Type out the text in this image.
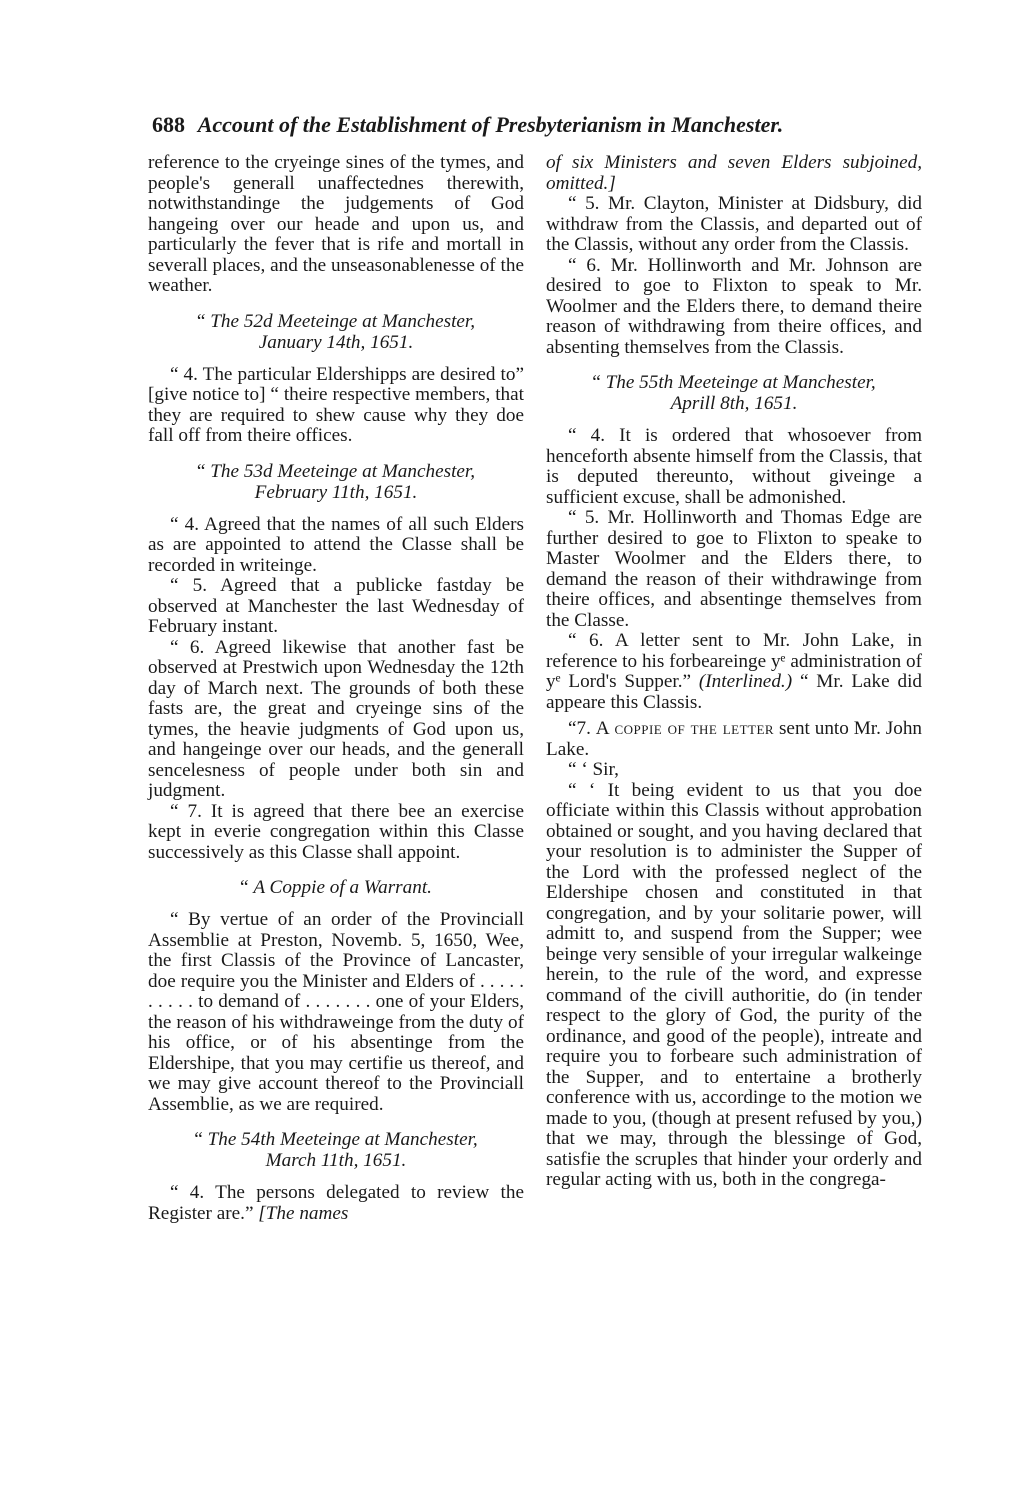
688 Account of the Establishment of Presbyterianism in Manchester.

reference to the cryeinge sines of the tymes, and people's generall unaffectednes therewith, notwithstandinge the judgements of God hangeing over our heade and upon us, and particularly the fever that is rife and mortall in severall places, and the unseasonablenesse of the weather.

“ The 52d Meeteinge at Manchester,
January 14th, 1651.

“ 4. The particular Eldershipps are desired to” [give notice to] “ theire respective members, that they are required to shew cause why they doe fall off from theire offices.

“ The 53d Meeteinge at Manchester,
February 11th, 1651.

“ 4. Agreed that the names of all such Elders as are appointed to attend the Classe shall be recorded in writeinge.

“ 5. Agreed that a publicke fastday be observed at Manchester the last Wednesday of February instant.

“ 6. Agreed likewise that another fast be observed at Prestwich upon Wednesday the 12th day of March next. The grounds of both these fasts are, the great and cryeinge sins of the tymes, the heavie judgments of God upon us, and hangeinge over our heads, and the generall sencelesness of people under both sin and judgment.

“ 7. It is agreed that there bee an exercise kept in everie congregation within this Classe successively as this Classe shall appoint.

“ A Coppie of a Warrant.

“ By vertue of an order of the Provinciall Assemblie at Preston, Novemb. 5, 1650, Wee, the first Classis of the Province of Lancaster, doe require you the Minister and Elders of . . . . . . . . . . to demand of . . . . . . . one of your Elders, the reason of his withdraweinge from the duty of his office, or of his absentinge from the Eldershipe, that you may certifie us thereof, and we may give account thereof to the Provinciall Assemblie, as we are required.

“ The 54th Meeteinge at Manchester,
March 11th, 1651.

“ 4. The persons delegated to review the Register are.” [The names

of six Ministers and seven Elders subjoined, omitted.]

“ 5. Mr. Clayton, Minister at Didsbury, did withdraw from the Classis, and departed out of the Classis, without any order from the Classis.

“ 6. Mr. Hollinworth and Mr. Johnson are desired to goe to Flixton to speak to Mr. Woolmer and the Elders there, to demand theire reason of withdrawing from theire offices, and absenting themselves from the Classis.

“ The 55th Meeteinge at Manchester,
Aprill 8th, 1651.

“ 4. It is ordered that whosoever from henceforth absente himself from the Classis, that is deputed thereunto, without giveinge a sufficient excuse, shall be admonished.

“ 5. Mr. Hollinworth and Thomas Edge are further desired to goe to Flixton to speake to Master Woolmer and the Elders there, to demand the reason of their withdrawinge from theire offices, and absentinge themselves from the Classe.

“ 6. A letter sent to Mr. John Lake, in reference to his forbeareinge yᵉ administration of yᵉ Lord's Supper.” (Interlined.) “ Mr. Lake did appeare this Classis.

“7. A coppie of the letter sent unto Mr. John Lake.

“ ‘ Sir,

“ ‘ It being evident to us that you doe officiate within this Classis without approbation obtained or sought, and you having declared that your resolution is to administer the Supper of the Lord with the professed neglect of the Eldershipe chosen and constituted in that congregation, and by your solitarie power, will admitt to, and suspend from the Supper; wee beinge very sensible of your irregular walkeinge herein, to the rule of the word, and expresse command of the civill authoritie, do (in tender respect to the glory of God, the purity of the ordinance, and good of the people), intreate and require you to forbeare such administration of the Supper, and to entertaine a brotherly conference with us, accordinge to the motion we made to you, (though at present refused by you,) that we may, through the blessinge of God, satisfie the scruples that hinder your orderly and regular acting with us, both in the congrega-
